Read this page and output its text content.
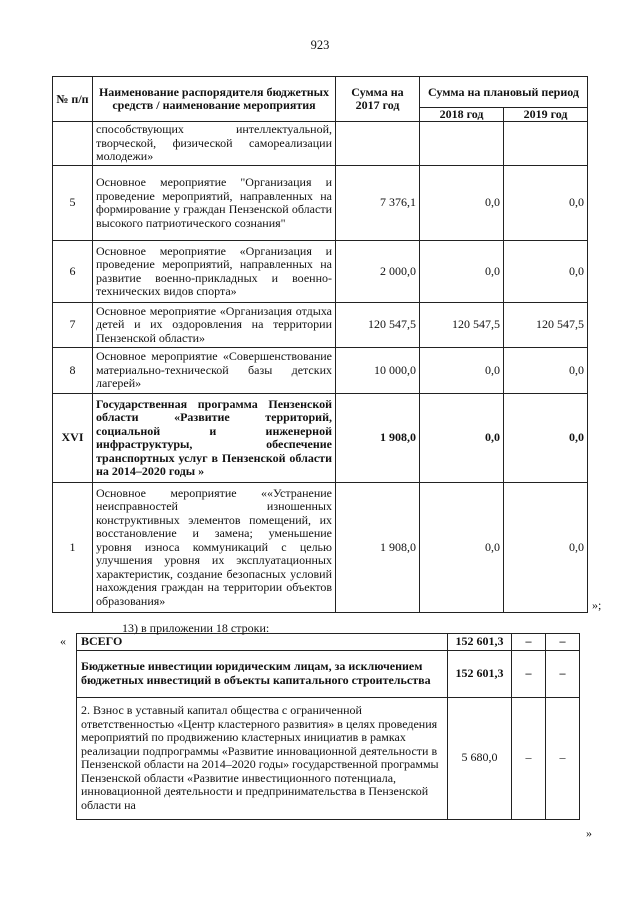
923
№ п/п	Наименование распорядителя бюджетных средств / наименование мероприятия	Сумма на 2017 год	Сумма на плановый период	
			2018 год	2019 год
	способствующих интеллектуальной, творческой, физической самореализации молодежи»			
5	Основное мероприятие "Организация и проведение мероприятий, направленных на формирование у граждан Пензенской области высокого патриотического сознания"	7 376,1	0,0	0,0
6	Основное мероприятие «Организация и проведение мероприятий, направленных на развитие военно-прикладных и военно-технических видов спорта»	2 000,0	0,0	0,0
7	Основное мероприятие «Организация отдыха детей и их оздоровления на территории Пензенской области»	120 547,5	120 547,5	120 547,5
8	Основное мероприятие «Совершенствование материально-технической базы детских лагерей»	10 000,0	0,0	0,0
XVI	Государственная программа Пензенской области «Развитие территорий, социальной и инженерной инфраструктуры, обеспечение транспортных услуг в Пензенской области на 2014–2020 годы »	1 908,0	0,0	0,0
1	Основное мероприятие ««Устранение неисправностей изношенных конструктивных элементов помещений, их восстановление и замена; уменьшение уровня износа коммуникаций с целью улучшения уровня их эксплуатационных характеристик, создание безопасных условий нахождения граждан на территории объектов образования»	1 908,0	0,0	0,0
»;
13) в приложении 18 строки:
« ВСЕГО	152 601,3	–	–
Бюджетные инвестиции юридическим лицам, за исключением бюджетных инвестиций в объекты капитального строительства	152 601,3	–	–
2. Взнос в уставный капитал общества с ограниченной ответственностью «Центр кластерного развития» в целях проведения мероприятий по продвижению кластерных инициатив в рамках реализации подпрограммы «Развитие инновационной деятельности в Пензенской области на 2014–2020 годы» государственной программы Пензенской области «Развитие инвестиционного потенциала, инновационной деятельности и предпринимательства в Пензенской области на	5 680,0	–	–
»
